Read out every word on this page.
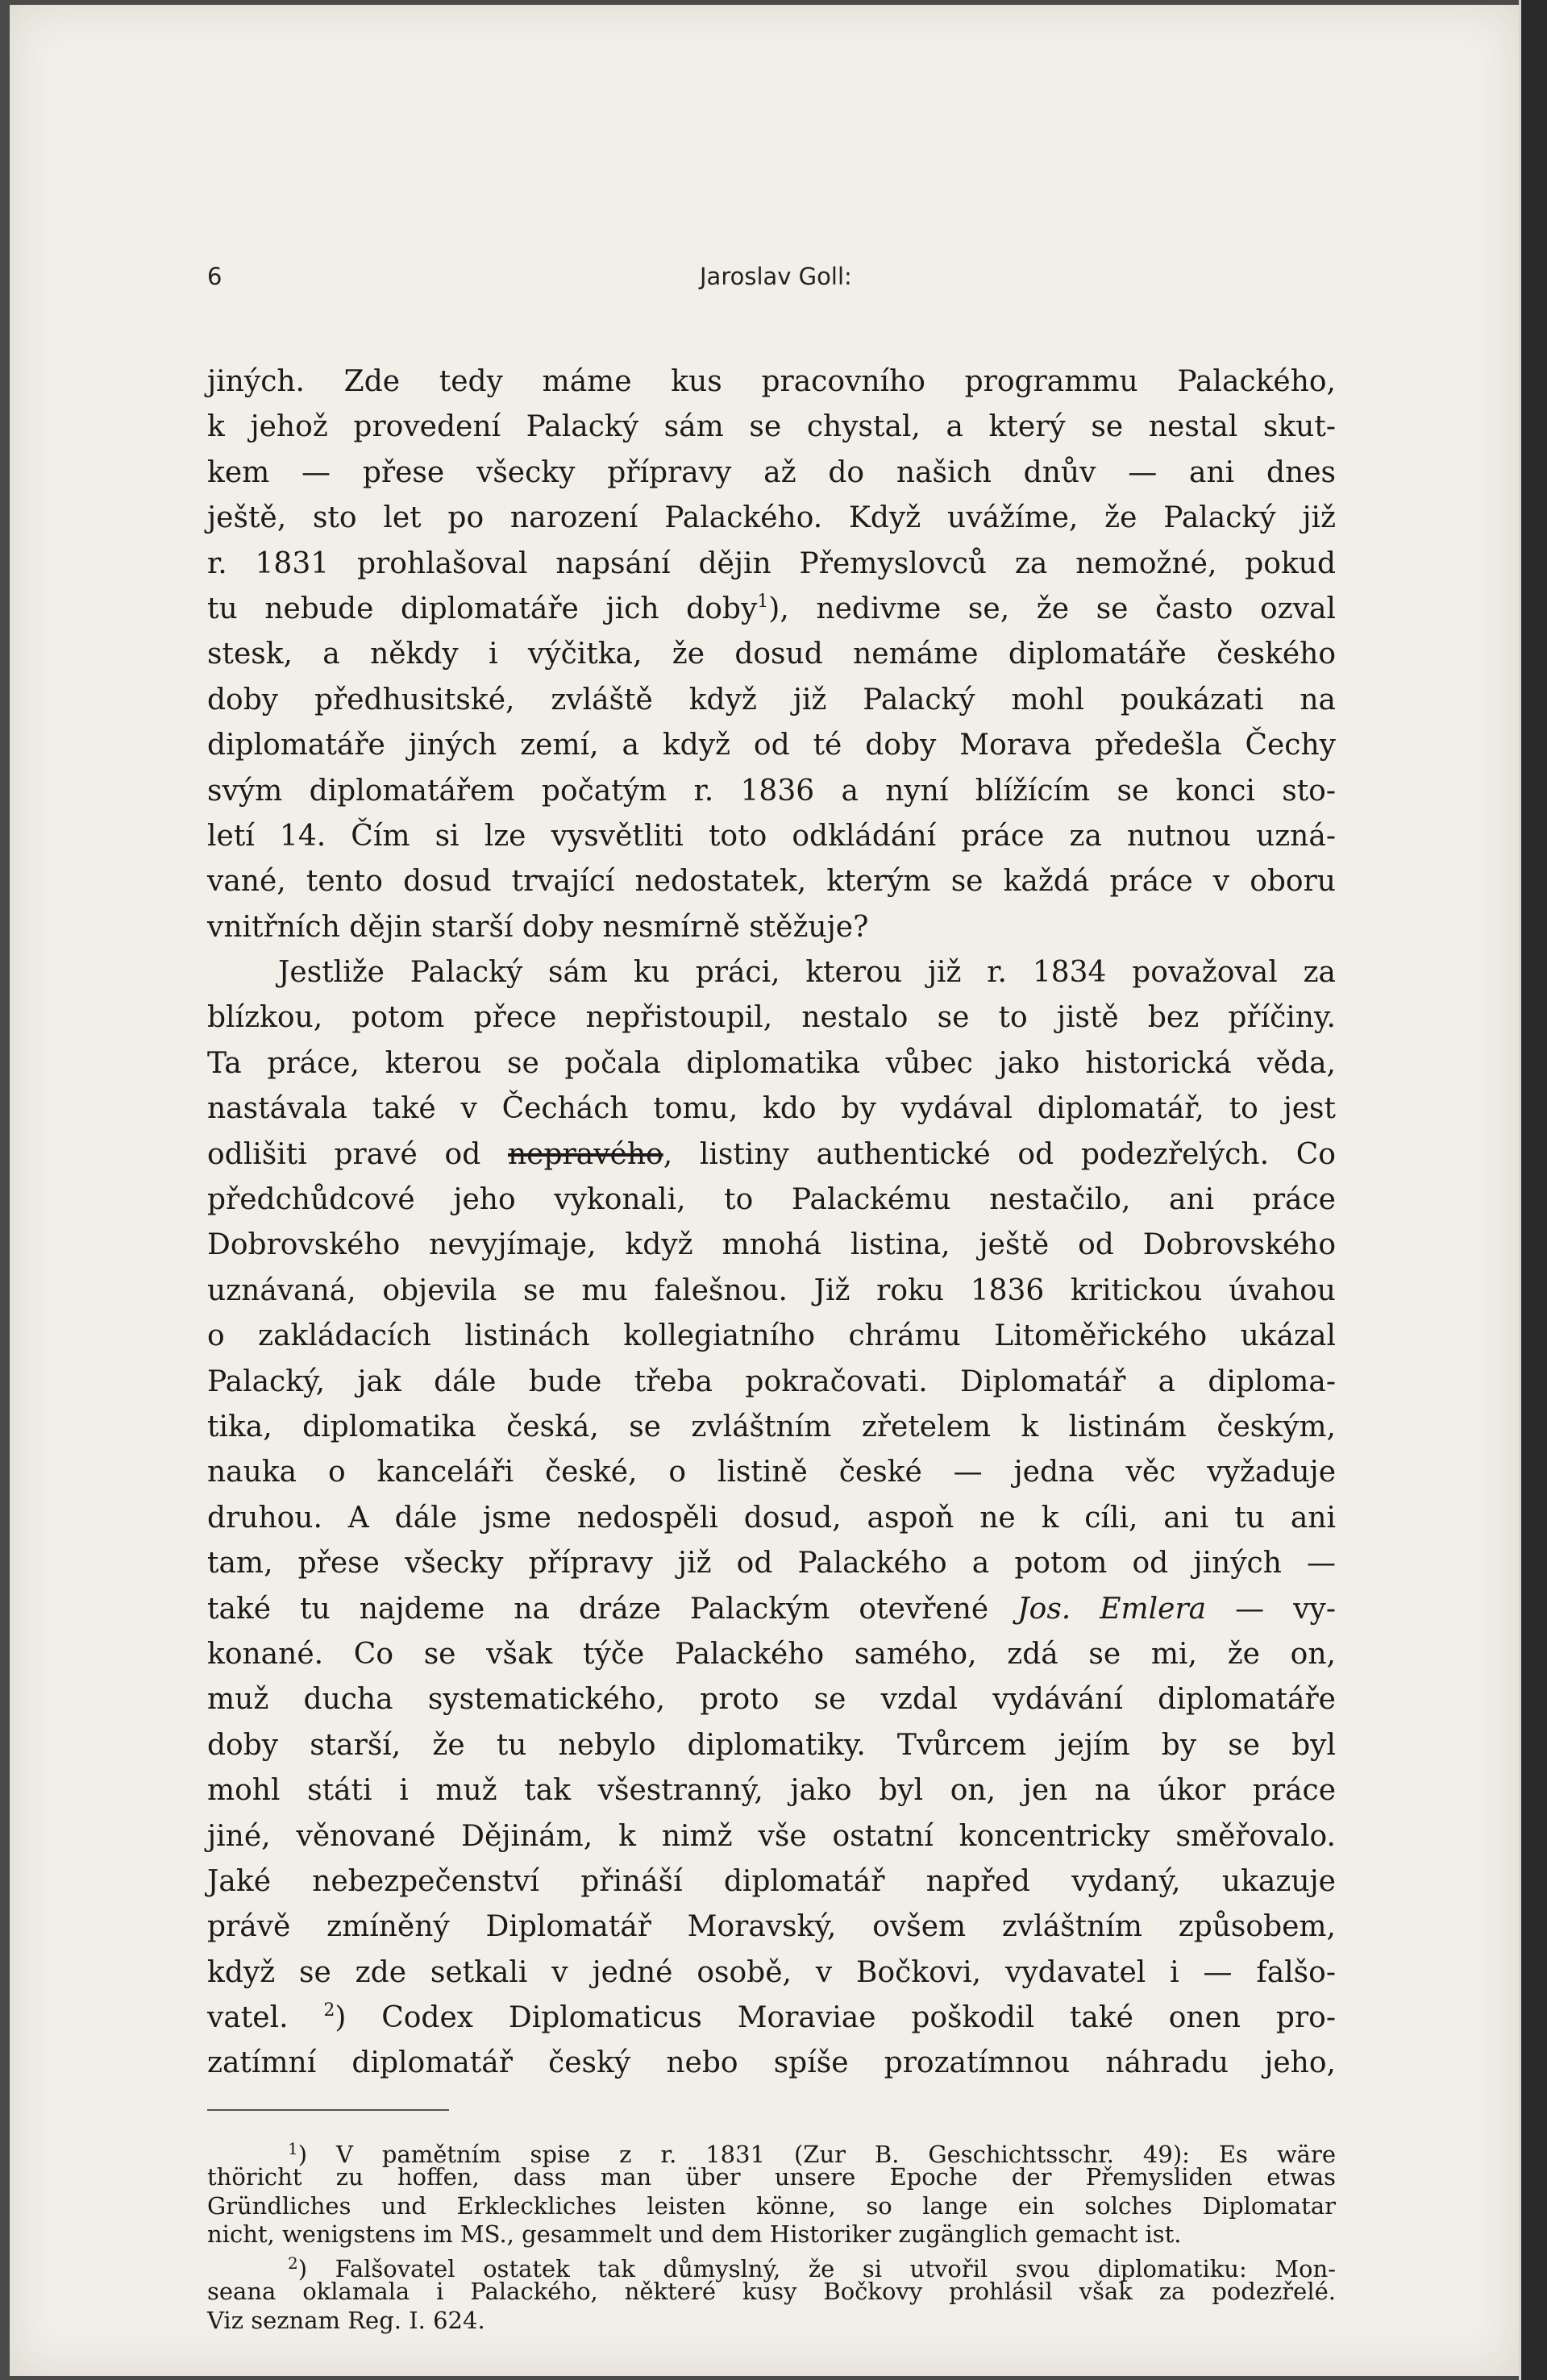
6	Jaroslav Goll:
jiných. Zde tedy máme kus pracovního programmu Palackého,
k jehož provedení Palacký sám se chystal, a který se nestal skut-
kem — přese všecky přípravy až do našich dnův — ani dnes
ještě, sto let po narození Palackého. Když uvážíme, že Palacký již
r. 1831 prohlašoval napsání dějin Přemyslovců za nemožné, pokud
tu nebude diplomatáře jich doby$^1$), nedivme se, že se často ozval
stesk, a někdy i výčitka, že dosud nemáme diplomatáře českého
doby předhusitské, zvláště když již Palacký mohl poukázati na
diplomatáře jiných zemí, a když od té doby Morava předešla Čechy
svým diplomatářem počatým r. 1836 a nyní blížícím se konci sto-
letí 14. Čím si lze vysvětliti toto odkládání práce za nutnou uzná-
vané, tento dosud trvající nedostatek, kterým se každá práce v oboru
vnitřních dějin starší doby nesmírně stěžuje?
Jestliže Palacký sám ku práci, kterou již r. 1834 považoval za
blízkou, potom přece nepřistoupil, nestalo se to jistě bez příčiny.
Ta práce, kterou se počala diplomatika vůbec jako historická věda,
nastávala také v Čechách tomu, kdo by vydával diplomatář, to jest
odlišiti pravé od nepravého, listiny authentické od podezřelých. Co
předchůdcové jeho vykonali, to Palackému nestačilo, ani práce
Dobrovského nevyjímaje, když mnohá listina, ještě od Dobrovského
uznávaná, objevila se mu falešnou. Již roku 1836 kritickou úvahou
o zakládacích listinách kollegiatního chrámu Litoměřického ukázal
Palacký, jak dále bude třeba pokračovati. Diplomatář a diploma-
tika, diplomatika česká, se zvláštním zřetelem k listinám českým,
nauka o kanceláři české, o listině české — jedna věc vyžaduje
druhou. A dále jsme nedospěli dosud, aspoň ne k cíli, ani tu ani
tam, přese všecky přípravy již od Palackého a potom od jiných —
také tu najdeme na dráze Palackým otevřené Jos. Emlera — vy-
konané. Co se však týče Palackého samého, zdá se mi, že on,
muž ducha systematického, proto se vzdal vydávání diplomatáře
doby starší, že tu nebylo diplomatiky. Tvůrcem jejím by se byl
mohl státi i muž tak všestranný, jako byl on, jen na úkor práce
jiné, věnované Dějinám, k nimž vše ostatní koncentricky směřovalo.
Jaké nebezpečenství přináší diplomatář napřed vydaný, ukazuje
právě zmíněný Diplomatář Moravský, ovšem zvláštním způsobem,
když se zde setkali v jedné osobě, v Bočkovi, vydavatel i — falšo-
vatel. $^2$) Codex Diplomaticus Moraviae poškodil také onen pro-
zatímní diplomatář český nebo spíše prozatímnou náhradu jeho,
$^1$) V pamětním spise z r. 1831 (Zur B. Geschichtsschr. 49): Es wäre
thöricht zu hoffen, dass man über unsere Epoche der Přemysliden etwas
Gründliches und Erkleckliches leisten könne, so lange ein solches Diplomatar
nicht, wenigstens im MS., gesammelt und dem Historiker zugänglich gemacht ist.
$^2$) Falšovatel ostatek tak důmyslný, že si utvořil svou diplomatiku: Mon-
seana oklamala i Palackého, některé kusy Bočkovy prohlásil však za podezřelé.
Viz seznam Reg. I. 624.
